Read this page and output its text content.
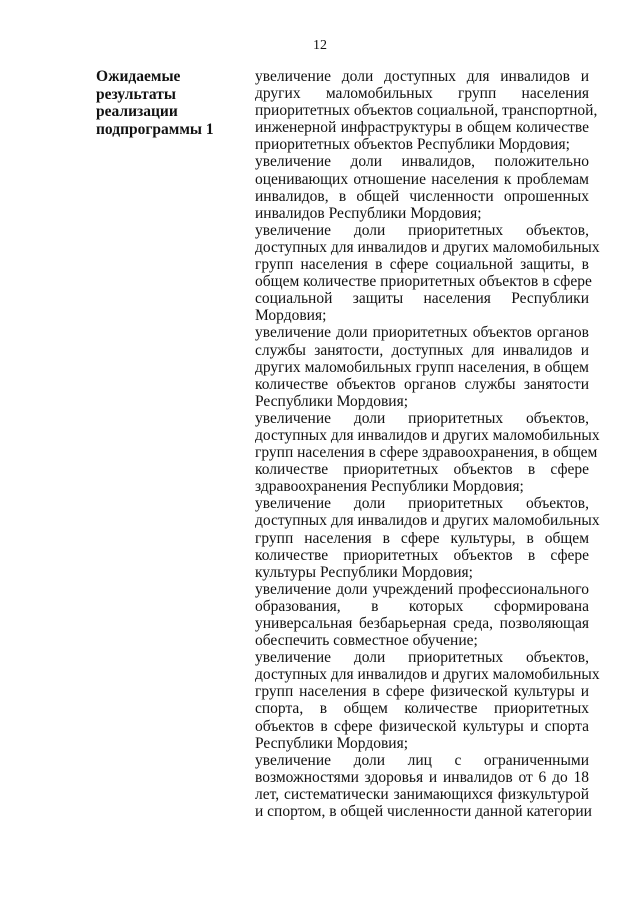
12
Ожидаемые
результаты
реализации
подпрограммы 1
увеличение доли доступных для инвалидов и
других маломобильных групп населения
приоритетных объектов социальной, транспортной,
инженерной инфраструктуры в общем количестве
приоритетных объектов Республики Мордовия;
увеличение доли инвалидов, положительно
оценивающих отношение населения к проблемам
инвалидов, в общей численности опрошенных
инвалидов Республики Мордовия;
увеличение доли приоритетных объектов,
доступных для инвалидов и других маломобильных
групп населения в сфере социальной защиты, в
общем количестве приоритетных объектов в сфере
социальной защиты населения Республики
Мордовия;
увеличение доли приоритетных объектов органов
службы занятости, доступных для инвалидов и
других маломобильных групп населения, в общем
количестве объектов органов службы занятости
Республики Мордовия;
увеличение доли приоритетных объектов,
доступных для инвалидов и других маломобильных
групп населения в сфере здравоохранения, в общем
количестве приоритетных объектов в сфере
здравоохранения Республики Мордовия;
увеличение доли приоритетных объектов,
доступных для инвалидов и других маломобильных
групп населения в сфере культуры, в общем
количестве приоритетных объектов в сфере
культуры Республики Мордовия;
увеличение доли учреждений профессионального
образования, в которых сформирована
универсальная безбарьерная среда, позволяющая
обеспечить совместное обучение;
увеличение доли приоритетных объектов,
доступных для инвалидов и других маломобильных
групп населения в сфере физической культуры и
спорта, в общем количестве приоритетных
объектов в сфере физической культуры и спорта
Республики Мордовия;
увеличение доли лиц с ограниченными
возможностями здоровья и инвалидов от 6 до 18
лет, систематически занимающихся физкультурой
и спортом, в общей численности данной категории
